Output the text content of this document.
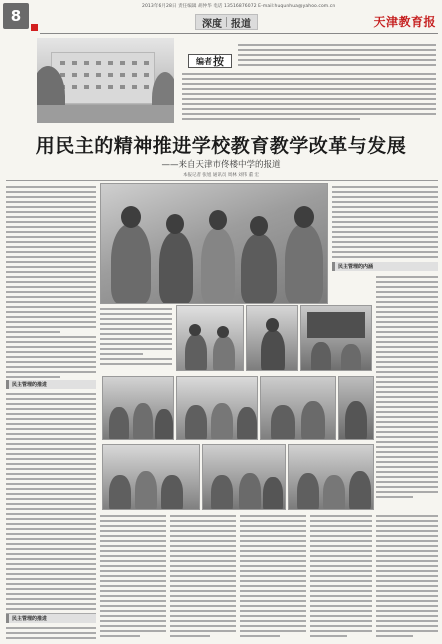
8
2013年6月28日 责任编辑 胡仲华 电话 13516876072 E-mail:huqunhua@yahoo.com.cn
深度 报道	天津教育报
编者 按
用民主的精神推进学校教育教学改革与发展
——来自天津市佟楼中学的报道
本报记者 张旭 通讯员 周林 刘伟 董 宏
民主管理的推进
民主管理的推进
民主管理的内涵
